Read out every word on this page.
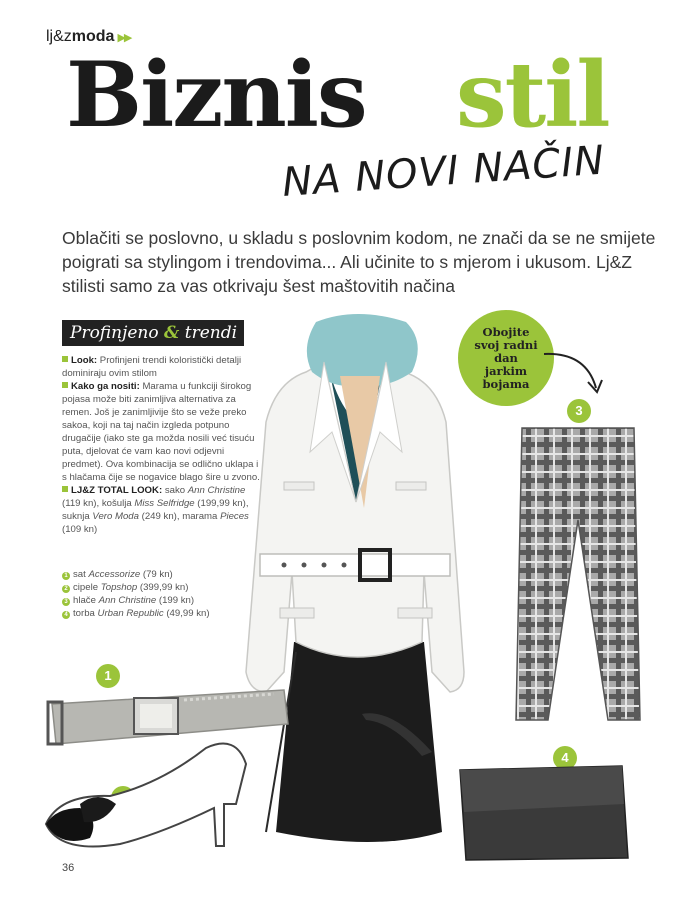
lj&zmoda ▶▶
Biznis stil
NA NOVI NAČIN
Oblačiti se poslovno, u skladu s poslovnim kodom, ne znači da se ne smijete poigrati sa stylingom i trendovima... Ali učinite to s mjerom i ukusom. Lj&Z stilisti samo za vas otkrivaju šest maštovitih načina
Profinjeno & trendi

Look: Profinjeni trendi koloristički detalji dominiraju ovim stilom

Kako ga nositi: Marama u funkciji širokog pojasa može biti zanimljiva alternativa za remen. Još je zanimljivije što se veže preko sakoa, koji na taj način izgleda potpuno drugačije (iako ste ga možda nosili već tisuću puta, djelovat će vam kao novi odjevni predmet). Ova kombinacija se odlično uklapa i s hlačama čije se nogavice blago šire u zvono.

LJ&Z TOTAL LOOK: sako Ann Christine (119 kn), košulja Miss Selfridge (199,99 kn), suknja Vero Moda (249 kn), marama Pieces (109 kn)

1 sat Accessorize (79 kn)
2 cipele Topshop (399,99 kn)
3 hlače Ann Christine (199 kn)
4 torba Urban Republic (49,99 kn)
Obojite svoj radni dan jarkim bojama
1
3
4
36
